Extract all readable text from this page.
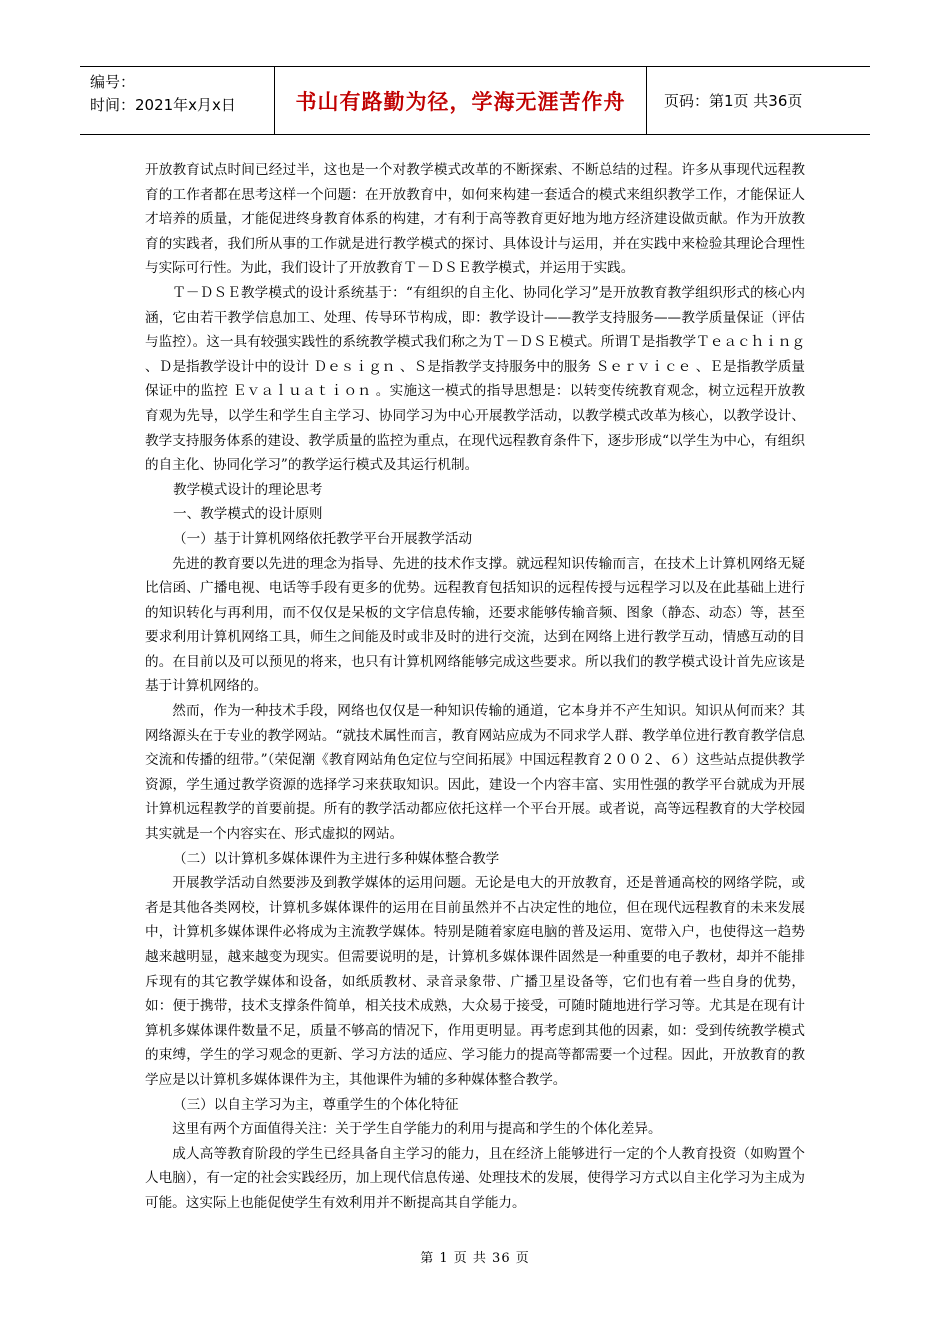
编号：
时间：2021年x月x日	书山有路勤为径，学海无涯苦作舟	页码：第1页 共36页

开放教育试点时间已经过半，这也是一个对教学模式改革的不断探索、不断总结的过程。许多从事现代远程教育的工作者都在思考这样一个问题：在开放教育中，如何来构建一套适合的模式来组织教学工作，才能保证人才培养的质量，才能促进终身教育体系的构建，才有利于高等教育更好地为地方经济建设做贡献。作为开放教育的实践者，我们所从事的工作就是进行教学模式的探讨、具体设计与运用，并在实践中来检验其理论合理性与实际可行性。为此，我们设计了开放教育Ｔ－ＤＳＥ教学模式，并运用于实践。

Ｔ－ＤＳＥ教学模式的设计系统基于：“有组织的自主化、协同化学习”是开放教育教学组织形式的核心内涵，它由若干教学信息加工、处理、传导环节构成，即：教学设计——教学支持服务——教学质量保证（评估与监控）。这一具有较强实践性的系统教学模式我们称之为Ｔ－ＤＳＥ模式。所谓Ｔ是指教学Ｔｅａｃｈｉｎｇ 、Ｄ是指教学设计中的设计 Ｄｅｓｉｇｎ 、Ｓ是指教学支持服务中的服务 Ｓｅｒｖｉｃｅ 、Ｅ是指教学质量保证中的监控 Ｅｖａｌｕａｔｉｏｎ 。实施这一模式的指导思想是：以转变传统教育观念，树立远程开放教育观为先导，以学生和学生自主学习、协同学习为中心开展教学活动，以教学模式改革为核心，以教学设计、教学支持服务体系的建设、教学质量的监控为重点，在现代远程教育条件下，逐步形成“以学生为中心，有组织的自主化、协同化学习”的教学运行模式及其运行机制。

教学模式设计的理论思考

一、教学模式的设计原则

（一）基于计算机网络依托教学平台开展教学活动

先进的教育要以先进的理念为指导、先进的技术作支撑。就远程知识传输而言，在技术上计算机网络无疑比信函、广播电视、电话等手段有更多的优势。远程教育包括知识的远程传授与远程学习以及在此基础上进行的知识转化与再利用，而不仅仅是呆板的文字信息传输，还要求能够传输音频、图象（静态、动态）等，甚至要求利用计算机网络工具，师生之间能及时或非及时的进行交流，达到在网络上进行教学互动，情感互动的目的。在目前以及可以预见的将来，也只有计算机网络能够完成这些要求。所以我们的教学模式设计首先应该是基于计算机网络的。

然而，作为一种技术手段，网络也仅仅是一种知识传输的通道，它本身并不产生知识。知识从何而来？其网络源头在于专业的教学网站。“就技术属性而言，教育网站应成为不同求学人群、教学单位进行教育教学信息交流和传播的纽带。”（荣促潮《教育网站角色定位与空间拓展》中国远程教育２００２、６）这些站点提供教学资源，学生通过教学资源的选择学习来获取知识。因此，建设一个内容丰富、实用性强的教学平台就成为开展计算机远程教学的首要前提。所有的教学活动都应依托这样一个平台开展。或者说，高等远程教育的大学校园其实就是一个内容实在、形式虚拟的网站。

（二）以计算机多媒体课件为主进行多种媒体整合教学

开展教学活动自然要涉及到教学媒体的运用问题。无论是电大的开放教育，还是普通高校的网络学院，或者是其他各类网校，计算机多媒体课件的运用在目前虽然并不占决定性的地位，但在现代远程教育的未来发展中，计算机多媒体课件必将成为主流教学媒体。特别是随着家庭电脑的普及运用、宽带入户，也使得这一趋势越来越明显，越来越变为现实。但需要说明的是，计算机多媒体课件固然是一种重要的电子教材，却并不能排斥现有的其它教学媒体和设备，如纸质教材、录音录象带、广播卫星设备等，它们也有着一些自身的优势，如：便于携带，技术支撑条件简单，相关技术成熟，大众易于接受，可随时随地进行学习等。尤其是在现有计算机多媒体课件数量不足，质量不够高的情况下，作用更明显。再考虑到其他的因素，如：受到传统教学模式的束缚，学生的学习观念的更新、学习方法的适应、学习能力的提高等都需要一个过程。因此，开放教育的教学应是以计算机多媒体课件为主，其他课件为辅的多种媒体整合教学。

（三）以自主学习为主，尊重学生的个体化特征

这里有两个方面值得关注：关于学生自学能力的利用与提高和学生的个体化差异。

成人高等教育阶段的学生已经具备自主学习的能力，且在经济上能够进行一定的个人教育投资（如购置个人电脑），有一定的社会实践经历，加上现代信息传递、处理技术的发展，使得学习方式以自主化学习为主成为可能。这实际上也能促使学生有效利用并不断提高其自学能力。

第 1 页 共 36 页
